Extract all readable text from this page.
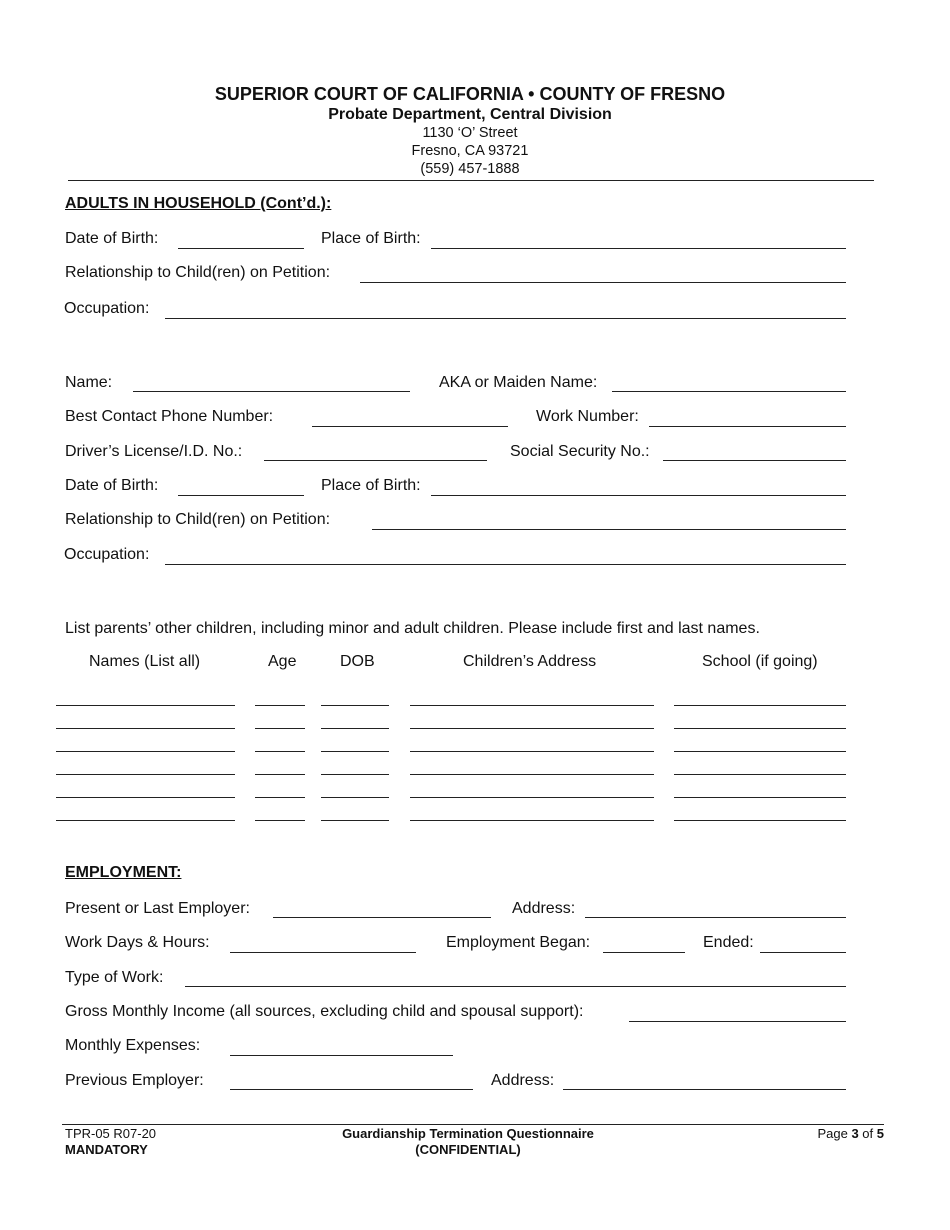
SUPERIOR COURT OF CALIFORNIA • COUNTY OF FRESNO
Probate Department, Central Division
1130 ‘O’ Street
Fresno, CA 93721
(559) 457-1888
ADULTS IN HOUSEHOLD (Cont’d.):
Date of Birth:	Place of Birth:
Relationship to Child(ren) on Petition:
Occupation:
Name:	AKA or Maiden Name:
Best Contact Phone Number:	Work Number:
Driver’s License/I.D. No.:	Social Security No.:
Date of Birth:	Place of Birth:
Relationship to Child(ren) on Petition:
Occupation:
List parents’ other children, including minor and adult children. Please include first and last names.
Names (List all)	Age	DOB	Children’s Address	School (if going)
EMPLOYMENT:
Present or Last Employer:	Address:
Work Days & Hours:	Employment Began:	Ended:
Type of Work:
Gross Monthly Income (all sources, excluding child and spousal support):
Monthly Expenses:
Previous Employer:	Address:
TPR-05 R07-20
MANDATORY
Guardianship Termination Questionnaire
(CONFIDENTIAL)
Page 3 of 5
